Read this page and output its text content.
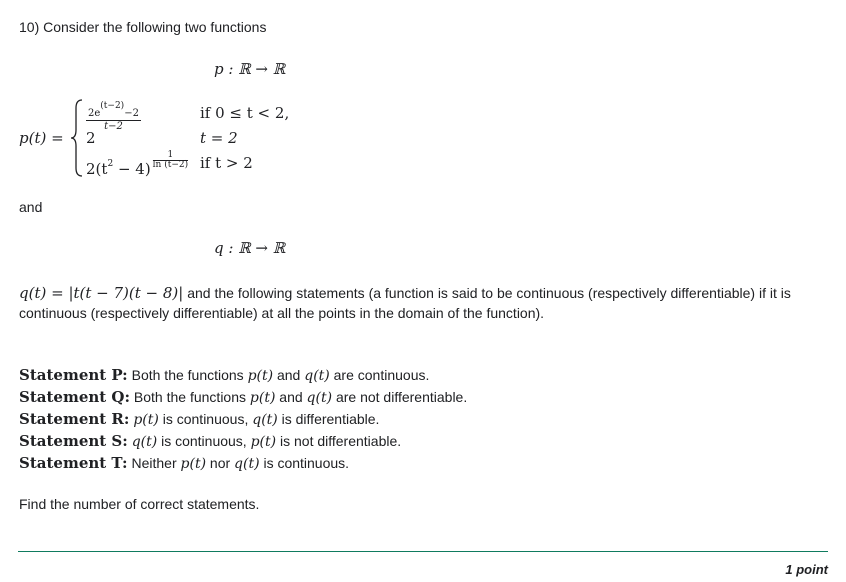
10) Consider the following two functions
p : ℝ → ℝ
p(t) =
$\frac{2e(t-2)-2}{t-2}$	if 0 ≤ t < 2,
2	t = 2
$2(t^2 - 4) \frac{1}{\ln (t-2)}$ if t > 2
and
q : ℝ → ℝ
q(t) = |t(t − 7)(t − 8)| and the following statements (a function is said to be continuous (respectively differentiable) if it is
continuous (respectively differentiable) at all the points in the domain of the function).
Statement P: Both the functions p(t) and q(t) are continuous.
Statement Q: Both the functions p(t) and q(t) are not differentiable.
Statement R: p(t) is continuous, q(t) is differentiable.
Statement S: q(t) is continuous, p(t) is not differentiable.
Statement T: Neither p(t) nor q(t) is continuous.
Find the number of correct statements.
1 point
